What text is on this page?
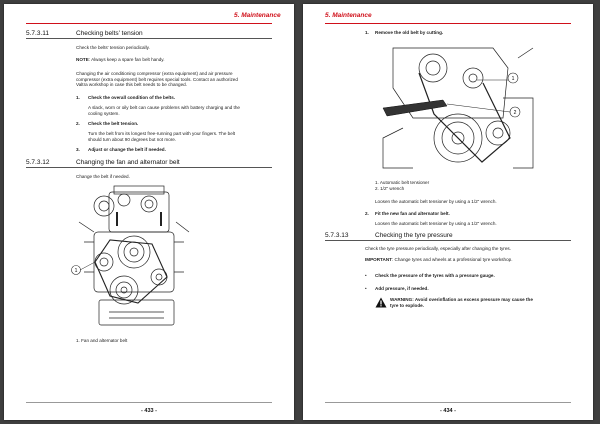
5. Maintenance
5.7.3.11	Checking belts' tension
Check the belts' tension periodically.
NOTE: Always keep a spare fan belt handy.
Changing the air conditioning compressor (extra equipment) and air pressure
compressor (extra equipment) belt requires special tools. Contact an authorized
Valtra workshop in case this belt needs to be changed.
1. Check the overall condition of the belts.
A slack, worn or oily belt can cause problems with battery charging and the
cooling system.
2. Check the belt tension.
Turn the belt from its longest free-running part with your fingers. The belt
should turn about 90 degrees but not more.
3. Adjust or change the belt if needed.
5.7.3.12	Changing the fan and alternator belt
Change the belt if needed.
1
1. Fan and alternator belt
- 433 -
5. Maintenance
1. Remove the old belt by cutting.
1
2
1. Automatic belt tensioner
2. 1/2" wrench
Loosen the automatic belt tensioner by using a 1/2" wrench.
2. Fit the new fan and alternator belt.
Loosen the automatic belt tensioner by using a 1/2" wrench.
5.7.3.13	Checking the tyre pressure
Check the tyre pressure periodically, especially after changing the tyres.
IMPORTANT: Change tyres and wheels at a professional tyre workshop.
• Check the pressure of the tyres with a pressure gauge.
• Add pressure, if needed.
WARNING: Avoid overinflation as excess pressure may cause the
tyre to explode.
- 434 -
